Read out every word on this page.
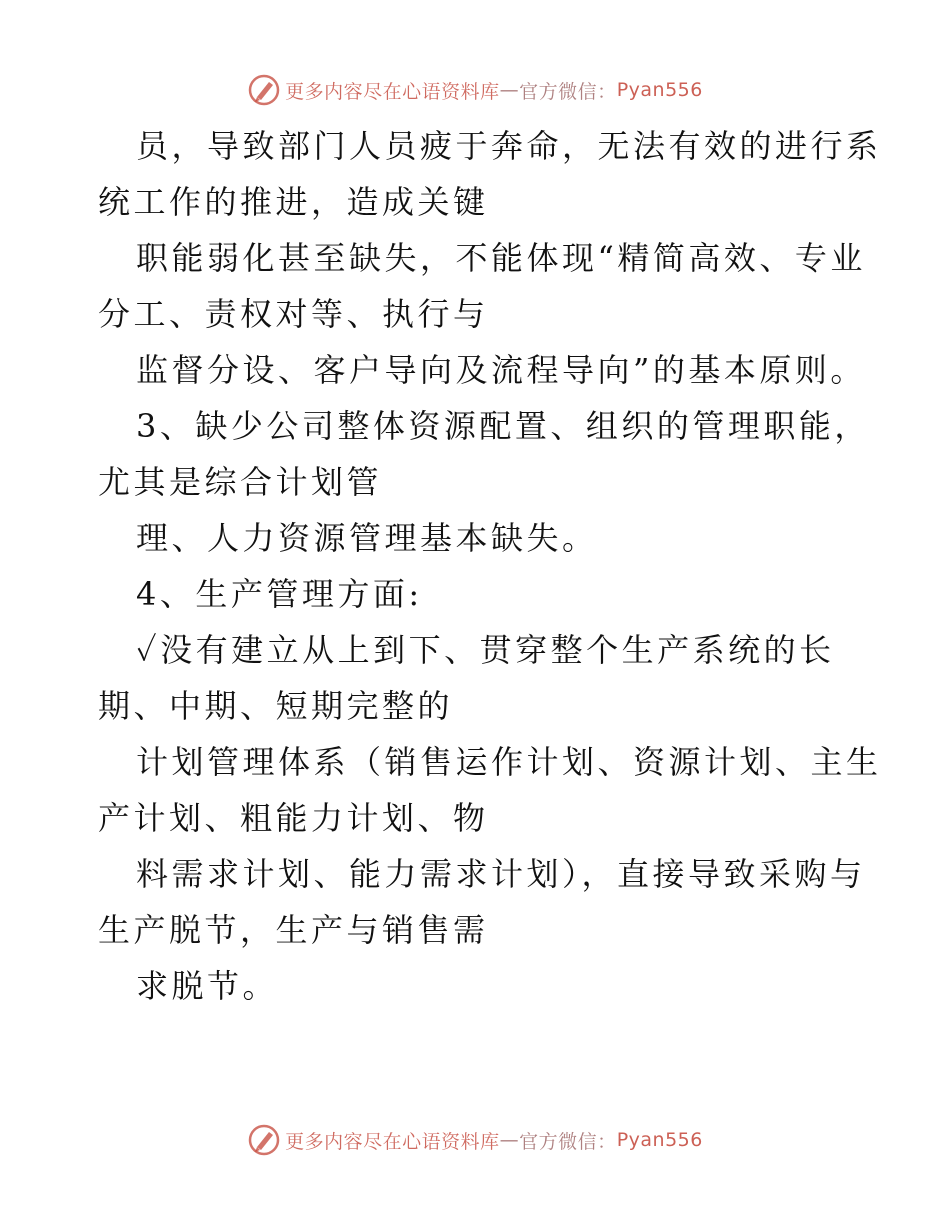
更多内容尽在心语资料库 — 官方微信： Pyan556
员，导致部门人员疲于奔命，无法有效的进行系
统工作的推进，造成关键
职能弱化甚至缺失，不能体现“精简高效、专业
分工、责权对等、执行与
监督分设、客户导向及流程导向”的基本原则。
3、缺少公司整体资源配置、组织的管理职能，
尤其是综合计划管
理、人力资源管理基本缺失。
4、生产管理方面:
✓没有建立从上到下、贯穿整个生产系统的长
期、中期、短期完整的
计划管理体系（销售运作计划、资源计划、主生
产计划、粗能力计划、物
料需求计划、能力需求计划），直接导致采购与
生产脱节，生产与销售需
求脱节。
更多内容尽在心语资料库 — 官方微信： Pyan556
